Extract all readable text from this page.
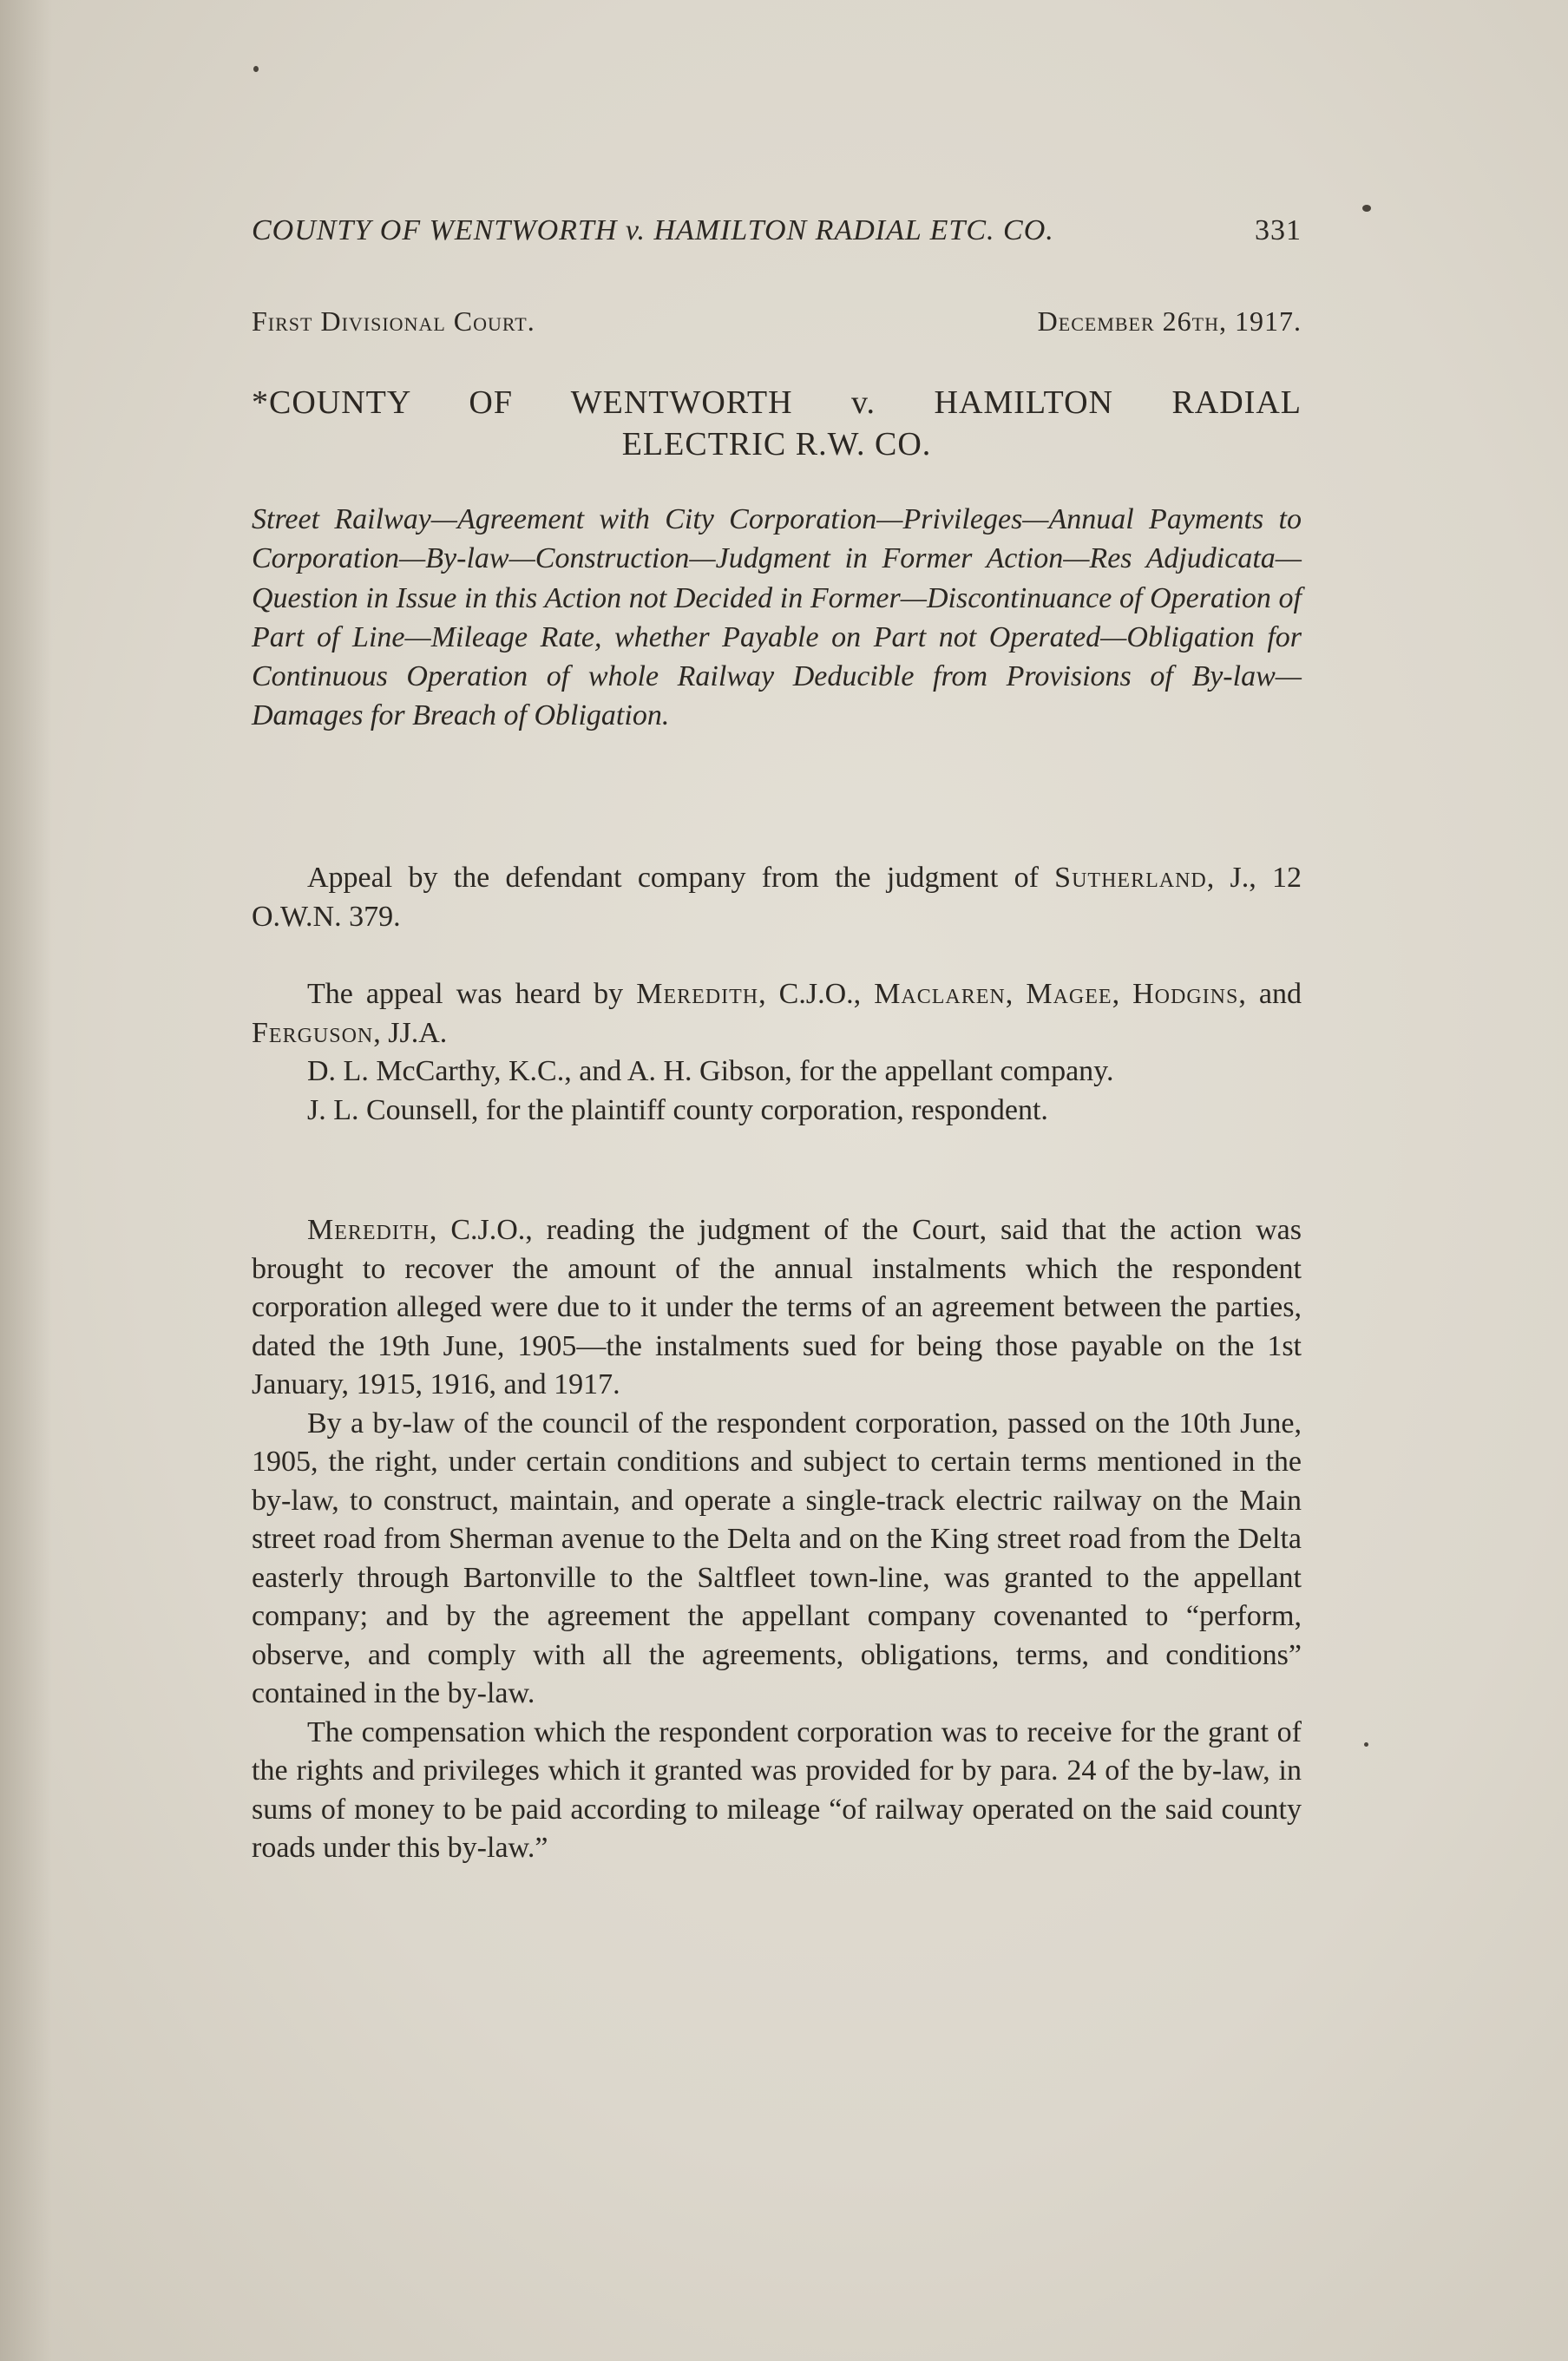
COUNTY OF WENTWORTH v. HAMILTON RADIAL ETC. CO.	331
First Divisional Court.	December 26th, 1917.
*COUNTY OF WENTWORTH v. HAMILTON RADIAL
ELECTRIC R.W. CO.
Street Railway—Agreement with City Corporation—Privileges—Annual Payments to Corporation—By-law—Construction—Judgment in Former Action—Res Adjudicata—Question in Issue in this Action not Decided in Former—Discontinuance of Operation of Part of Line—Mileage Rate, whether Payable on Part not Operated—Obligation for Continuous Operation of whole Railway Deducible from Provisions of By-law—Damages for Breach of Obligation.

Appeal by the defendant company from the judgment of Sutherland, J., 12 O.W.N. 379.

The appeal was heard by Meredith, C.J.O., Maclaren, Magee, Hodgins, and Ferguson, JJ.A.

D. L. McCarthy, K.C., and A. H. Gibson, for the appellant company.

J. L. Counsell, for the plaintiff county corporation, respondent.

Meredith, C.J.O., reading the judgment of the Court, said that the action was brought to recover the amount of the annual instalments which the respondent corporation alleged were due to it under the terms of an agreement between the parties, dated the 19th June, 1905—the instalments sued for being those payable on the 1st January, 1915, 1916, and 1917.

By a by-law of the council of the respondent corporation, passed on the 10th June, 1905, the right, under certain conditions and subject to certain terms mentioned in the by-law, to construct, maintain, and operate a single-track electric railway on the Main street road from Sherman avenue to the Delta and on the King street road from the Delta easterly through Bartonville to the Saltfleet town-line, was granted to the appellant company; and by the agreement the appellant company covenanted to “perform, observe, and comply with all the agreements, obligations, terms, and conditions” contained in the by-law.

The compensation which the respondent corporation was to receive for the grant of the rights and privileges which it granted was provided for by para. 24 of the by-law, in sums of money to be paid according to mileage “of railway operated on the said county roads under this by-law.”
